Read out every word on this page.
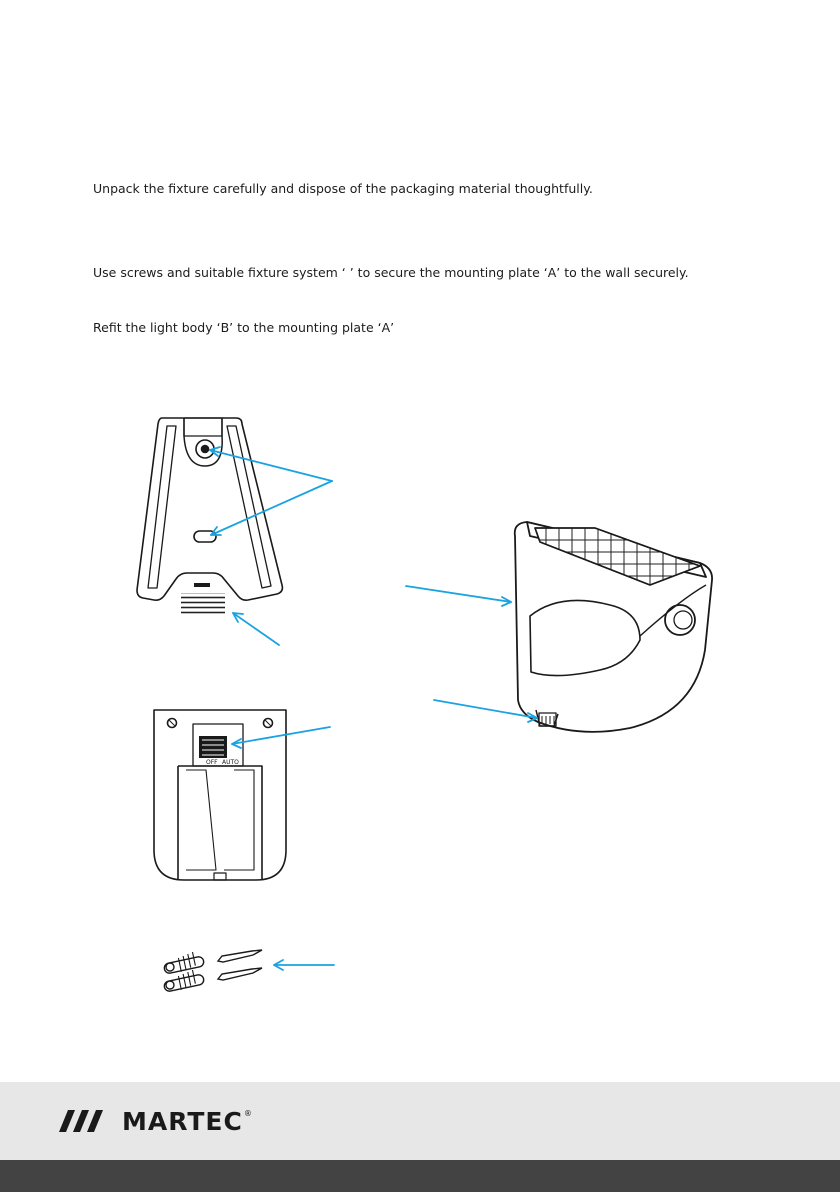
Unpack the fixture carefully and dispose of the packaging material thoughtfully.
Use screws and suitable fixture system ‘ ’ to secure the mounting plate ‘A’ to the wall securely.
Refit the light body ‘B’ to the mounting plate ‘A’
OFF AUTO
MARTEC ®
